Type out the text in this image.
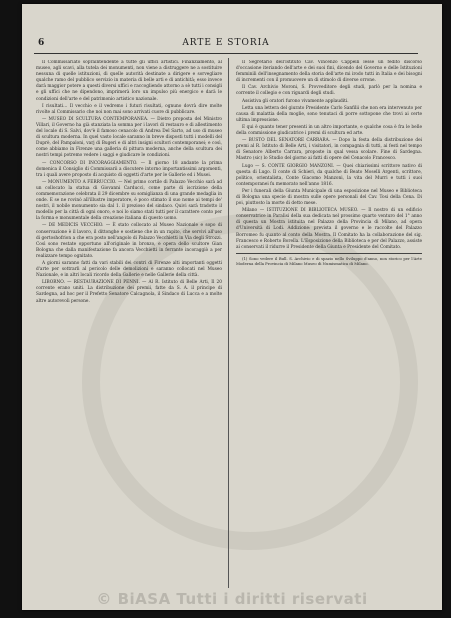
6	ARTE E STORIA

Il Commissariato sopraintendente a tutte gli uffici artistici. Finanziamento, al museo, agli scavi, alla tutela dei monumenti, non viene a distruggere ne a sostituire nessuna di quelle istituzioni, di quelle autorità destinate a dirigere e sorvegliare qualche ramo del pubblico servizio in materia di belle arti e di antichità; esso invece darà maggior potere a questi diversi uffici e raccogliendo attorno a sè tutti i consigli e gli uffici che ne dipendono, imprimerà loro un impulso più energico e darà le condizioni dell'arte e del patrimonio artistico nazionale.

I risultati... Il vecchio e il vedremo i futuri risultati, ognuno dovrà dire molte rivolte al Commissario che noi non mai sono arrivati cuore di pubblicare.

— MUSEO DI SCULTURA CONTEMPORANEA. — Dietro proposta del Ministro Villari, il Governo ha già stanziata la somma per i lavori di restauro e di allestimento del locale di S. Salvi, dov'è il famoso cenacolo di Andrea Del Sarto, ad uso di museo di scultura moderna. In quel vasto locale saranno in breve disposti tutti i modelli del Duprè, del Pampaloni, varj di Bugeri e di altri insigni scultori contemporanei; e così, come abbiamo in Firenze una galleria di pittura moderna, anche della scultura dei nostri tempi potremo vedere i saggi e giudicare le condizioni.

— CONCORSO DI INCORAGGIAMENTO. — Il giorno 18 andante la prima domenica il Consiglio di Commissarii a discutere intorno importantissimi argomenti, tra i quali avere proposto di acquisto di oggetti d'arte per le Gallerie ed i Musei.

— MONUMENTO A FERRUCCIO. — Nel primo cortile di Palazzo Vecchio sarà ad un collocato la statua di Giovanni Carducci, come parte di iscrizione della commemorazione celebrata il 29 dicembre su somiglianza di una grande medaglia in onde. E se ne rovinò all'illustre imperatore, è poco stimato il suo nome ai tempi de' nostri, il nobile monumento sia dal 1. il prezioso del sindaco. Quivi sarà tradotto il modello per la città di ogni onoro, e noi lo siamo stati tutti per il carattere conto per la forma e monumentale della creazione italiana di questo uomo.

— DE MEDICIS VECCHIO. — È stato collocato al Museo Nazionale e sopo di conservazione è il lavoro, il dittonghe e sostiene che in un rapito, che servivi all'uso di gertoshofrion a che era posto nell'angolo di Palazzo Vecchietti in Via degli Strozzi. Così sono restate opportuno all'originale in bronzo, e opera dello scultore Gian Bologna che dalla manifestazione fa ancora Vecchietti in ferrante incoraggiò a per realizzare tempo ognitato.

A giorni saranno fatti da vari stabili dei contri di Firenze alti importanti oggetti d'arte per sottrarli al pericolo delle demolizioni e saranno collocati nel Museo Nazionale, e in altri locali ricordo della Gallerie e nelle Gallerie della città.

LIBORNO. — RESTAURAZIONE DI PENNI. — Al R. Istituto di Belle Arti, Il 20 corrente erano uniti. La distribuzione dei premii, fatte da S. A. il principe di Sardegna, ad hoc per il Prefetto Senatore Calcagnola, il Sindaco di Lucca e a molte altre autorevoli persone.

Il Segretario dell'Istituto Cav. Vincenzo Cappelli lesse un fedito discorso d'occasione iteriando dell'arte e dei suoi fini, dicendo del Governo e delle Istituzioni femminili dell'insegnamento della storia dell'arte mi irodo tutti in Italia e dei bisogni di incrementi con il promuovere un di stimolo di diverse orrone.

Il Cav. Archivio Moroni, S. Provveditore degli studi, parlò per la nomina e corrente il collegio e con riguardi degli studi.

Assistiva gli oratori furono vivamente applauditi.

Letta una lettera del giurato Presidente Carlo Sanfilii che non era intervenuto per causa di malattia della moglie, sono tenutaci di porre sottopone che trovi ai certe ultima impressione.

E qui è quanto tener presenti in un altro importante, e qualche cosa è fra le belle della commissione giudicatrice i premi di scultura ed arte.

— BUSTO DEL SENATORE CARRARA. — Dopo la festa della distribuzione dei premi al R. Istituto di Belle Arti, i visitatori, in compagnia di tutti, ai festi nel tempo di Senatore Alberto Carrara, proposte in qual vessa scolare. Fine di Sardegna. Mastro (sic) lo Studio del giorno ai fatti di opere del Cenacolo Francesco.

Lugo — S. CONTE GIORGIO MANZONI. — Quei chiarissimi scrittore nativo di questa di Lugo. Il conte di Schieri, da qualche di Beato Moselli Argenti, scrittore, politico, orientalista, Conte Giacomo Manzoni, la vita del Murri e tutti i suoi contemporanei fu memorato nell'anno 1816.

Per i funerali della Giunta Municipale di una esposizione nel Museo e Biblioteca di Bologna una specie di mostra sulle opere personali del Cav. Tosi della Cena. Di poi, piuttosto la morte di detto mese.

Milano — ISTITUZIONE DI BIBLIOTECA MUSEO. — Il nostro di un edificio conservatrice in Paralisi della sua dedicata nel prossimo quarto venturo del 1° anno di questa un Mostra istituita nel Palazzo della Provincia di Milano, ad opera d'Università di Lodi. Addizione: prevista il governo e le raccolte del Palazzo Borromeo fu quanto al conto della Mostra. Il Comitato ha la collaborazione del sig. Francesco e Roberto Borella. L'Esposizione della Biblioteca e per del Palazzo, assiste ai conservati il ridurre il Presidente della Giunta e Presidente del Comitato.

(1) Sono vedere il Bull. S. Archivio e di spazio nello Sviluppo d'anno, non storico per l'Arte Moderna della Provincia di Milano Museo di Numismatica di Milano.

© BiASA Tutti i diritti riservati
